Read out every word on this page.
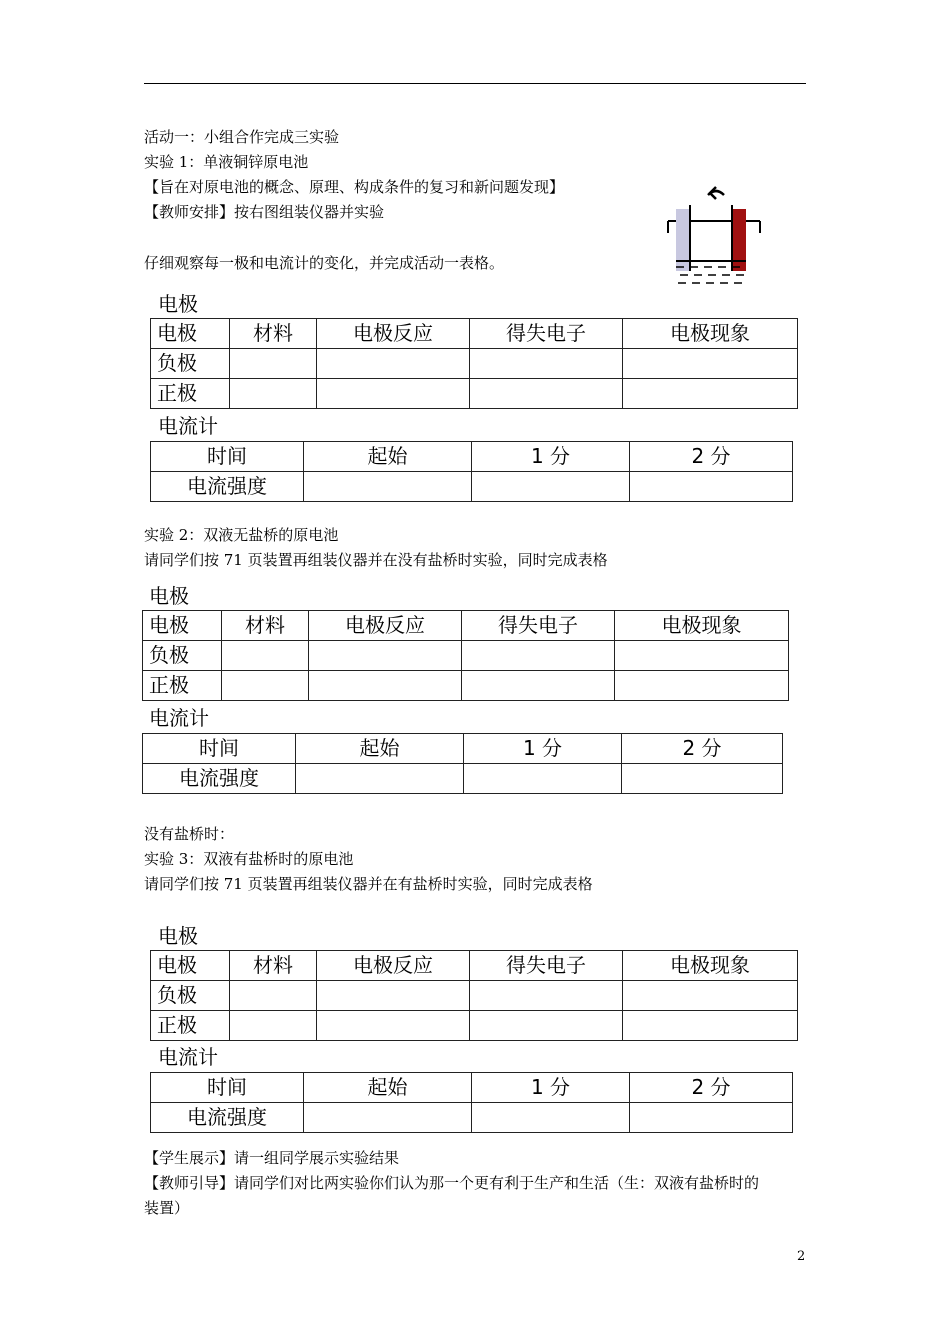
活动一：小组合作完成三实验
实验 1：单液铜锌原电池
【旨在对原电池的概念、原理、构成条件的复习和新问题发现】
【教师安排】按右图组装仪器并实验
仔细观察每一极和电流计的变化，并完成活动一表格。
电极
电极	材料	电极反应	得失电子	电极现象
负极				
正极				
电流计
时间	起始	1 分	2 分
电流强度			
实验 2：双液无盐桥的原电池
请同学们按 71 页装置再组装仪器并在没有盐桥时实验，同时完成表格
电极
电极	材料	电极反应	得失电子	电极现象
负极				
正极				
电流计
时间	起始	1 分	2 分
电流强度			
没有盐桥时：
实验 3：双液有盐桥时的原电池
请同学们按 71 页装置再组装仪器并在有盐桥时实验，同时完成表格
电极
电极	材料	电极反应	得失电子	电极现象
负极				
正极				
电流计
时间	起始	1 分	2 分
电流强度			
【学生展示】请一组同学展示实验结果
【教师引导】请同学们对比两实验你们认为那一个更有利于生产和生活（生：双液有盐桥时的
装置）
2
